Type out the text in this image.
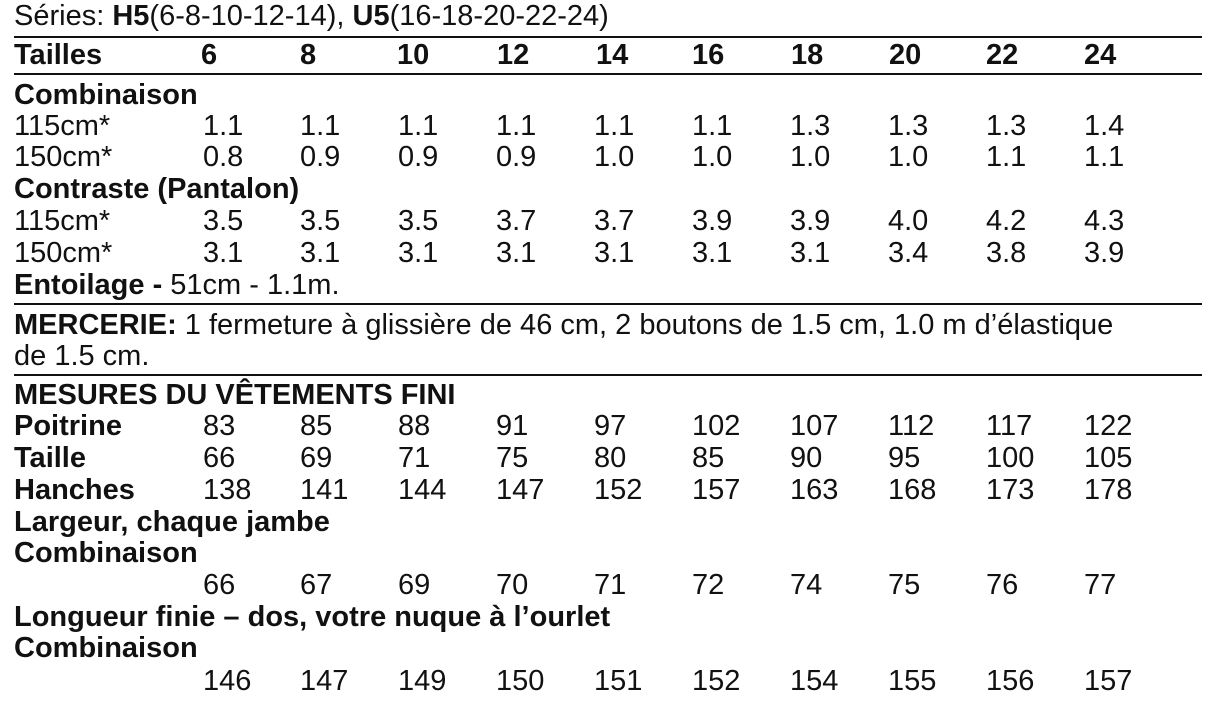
Séries: H5(6-8-10-12-14), U5(16-18-20-22-24)
Tailles	6	8	10 12 14 16 18 20 22 24
Combinaison
115cm*	1.1 1.1 1.1 1.1 1.1 1.1 1.3 1.3 1.3 1.4
150cm*	0.8 0.9 0.9 0.9 1.0 1.0 1.0 1.0 1.1 1.1
Contraste (Pantalon)
115cm*	3.5 3.5 3.5 3.7 3.7 3.9 3.9 4.0 4.2 4.3
150cm*	3.1 3.1 3.1 3.1 3.1 3.1 3.1 3.4 3.8 3.9
Entoilage - 51cm - 1.1m.
MERCERIE: 1 fermeture à glissière de 46 cm, 2 boutons de 1.5 cm, 1.0 m d’élastique
de 1.5 cm.
MESURES DU VÊTEMENTS FINI
Poitrine	83 85 88 91 97 102 107 112 117 122
Taille	66 69 71 75 80 85 90 95 100 105
Hanches 138 141 144 147 152 157 163 168 173 178
Largeur, chaque jambe
Combinaison
66 67 69 70 71 72 74 75 76 77
Longueur finie – dos, votre nuque à l’ourlet
Combinaison
146 147 149 150 151 152 154 155 156 157
